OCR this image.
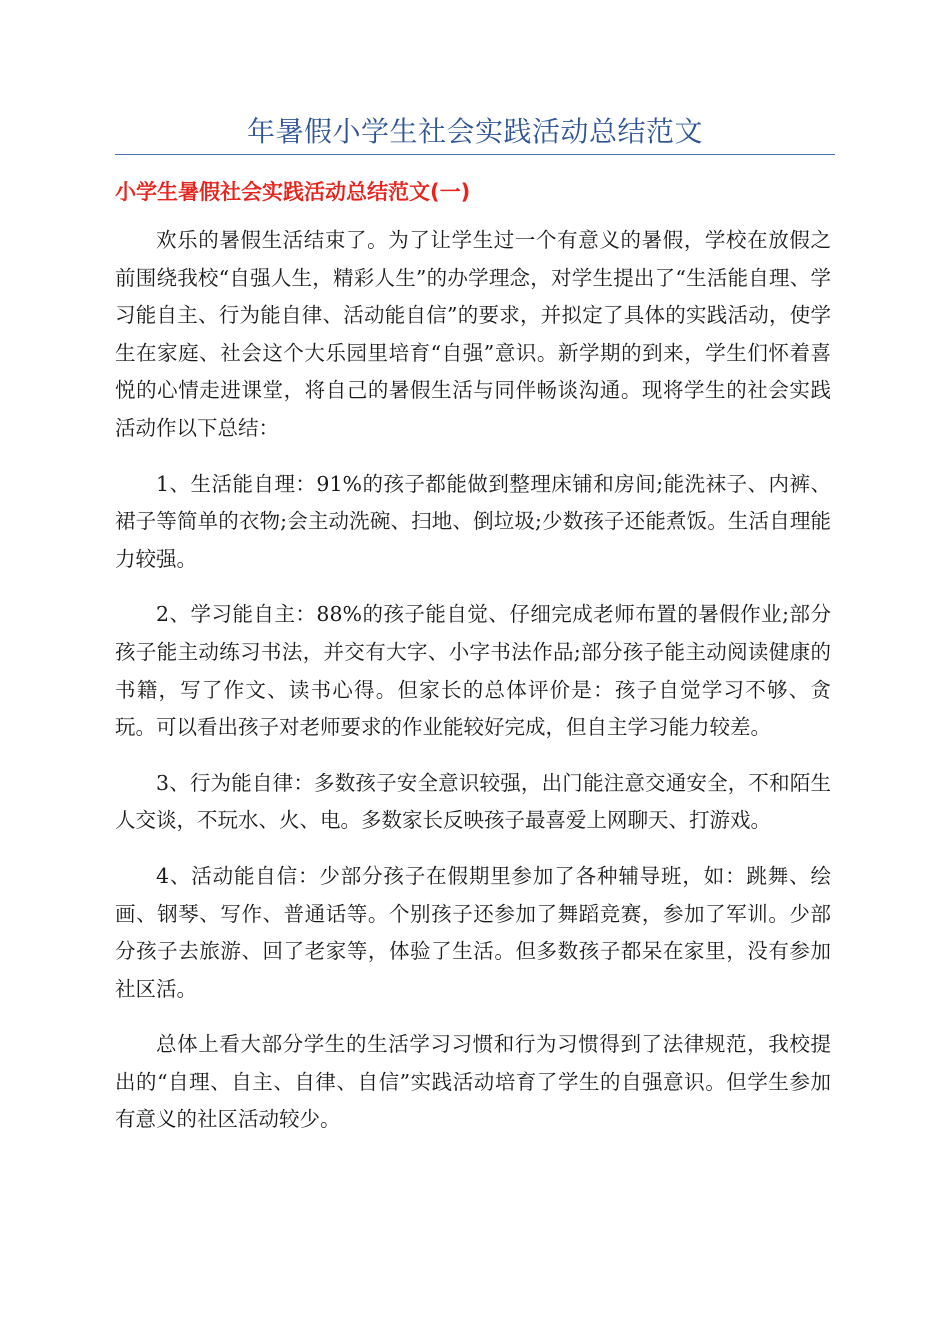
年暑假小学生社会实践活动总结范文
小学生暑假社会实践活动总结范文(一)

欢乐的暑假生活结束了。为了让学生过一个有意义的暑假，学校在放假之前围绕我校“自强人生，精彩人生”的办学理念，对学生提出了“生活能自理、学习能自主、行为能自律、活动能自信”的要求，并拟定了具体的实践活动，使学生在家庭、社会这个大乐园里培育“自强”意识。新学期的到来，学生们怀着喜悦的心情走进课堂，将自己的暑假生活与同伴畅谈沟通。现将学生的社会实践活动作以下总结：

1、生活能自理：91%的孩子都能做到整理床铺和房间;能洗袜子、内裤、裙子等简单的衣物;会主动洗碗、扫地、倒垃圾;少数孩子还能煮饭。生活自理能力较强。

2、学习能自主：88%的孩子能自觉、仔细完成老师布置的暑假作业;部分孩子能主动练习书法，并交有大字、小字书法作品;部分孩子能主动阅读健康的书籍，写了作文、读书心得。但家长的总体评价是：孩子自觉学习不够、贪玩。可以看出孩子对老师要求的作业能较好完成，但自主学习能力较差。

3、行为能自律：多数孩子安全意识较强，出门能注意交通安全，不和陌生人交谈，不玩水、火、电。多数家长反映孩子最喜爱上网聊天、打游戏。

4、活动能自信：少部分孩子在假期里参加了各种辅导班，如：跳舞、绘画、钢琴、写作、普通话等。个别孩子还参加了舞蹈竞赛，参加了军训。少部分孩子去旅游、回了老家等，体验了生活。但多数孩子都呆在家里，没有参加社区活。

总体上看大部分学生的生活学习习惯和行为习惯得到了法律规范，我校提出的“自理、自主、自律、自信”实践活动培育了学生的自强意识。但学生参加有意义的社区活动较少。
